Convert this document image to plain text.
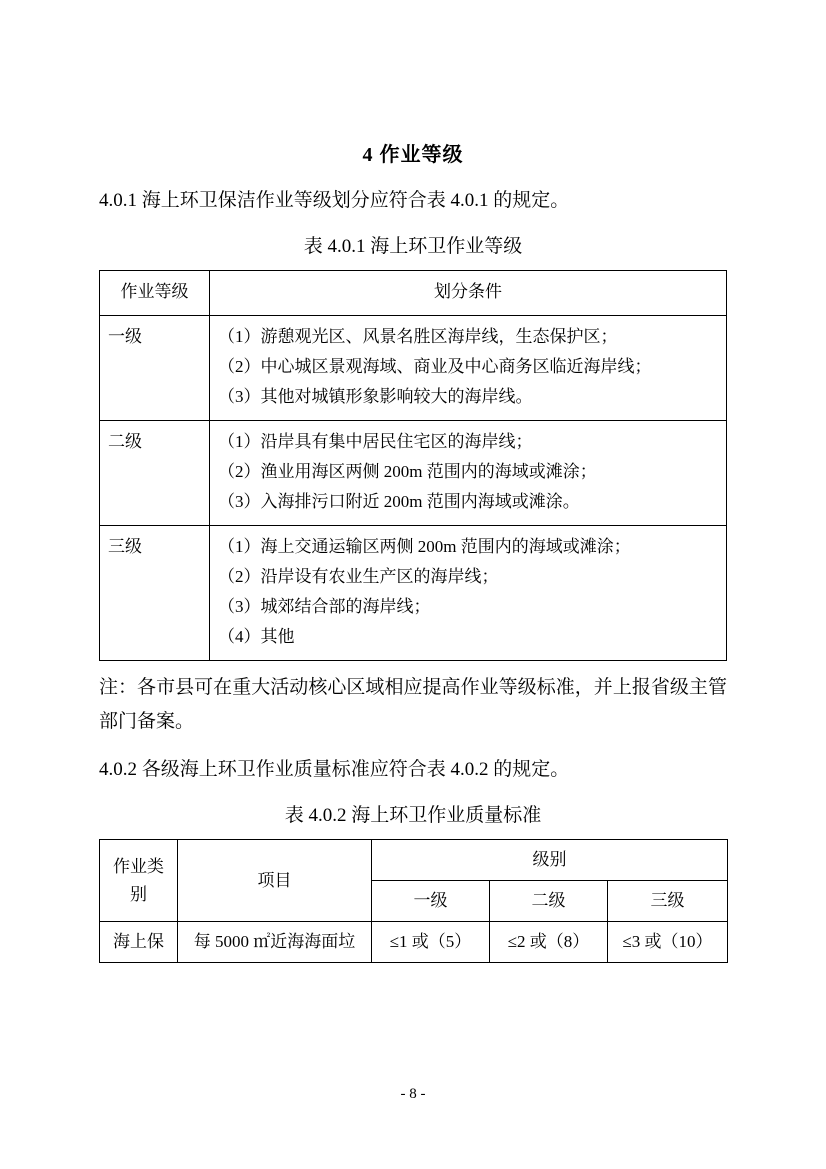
4 作业等级

4.0.1 海上环卫保洁作业等级划分应符合表 4.0.1 的规定。

表 4.0.1 海上环卫作业等级

作业等级	划分条件
一级	（1）游憩观光区、风景名胜区海岸线，生态保护区；
（2）中心城区景观海域、商业及中心商务区临近海岸线；
（3）其他对城镇形象影响较大的海岸线。

二级	（1）沿岸具有集中居民住宅区的海岸线；
（2）渔业用海区两侧 200m 范围内的海域或滩涂；
（3）入海排污口附近 200m 范围内海域或滩涂。

三级	（1）海上交通运输区两侧 200m 范围内的海域或滩涂；
（2）沿岸设有农业生产区的海岸线；
（3）城郊结合部的海岸线；
（4）其他

注：各市县可在重大活动核心区域相应提高作业等级标准，并上报省级主管部门备案。

4.0.2 各级海上环卫作业质量标准应符合表 4.0.2 的规定。

表 4.0.2 海上环卫作业质量标准

作业类
别	项目	级别		
		一级	二级	三级
海上保	每 5000 ㎡近海海面垃	≤1 或（5）	≤2 或（8）	≤3 或（10）
- 8 -
